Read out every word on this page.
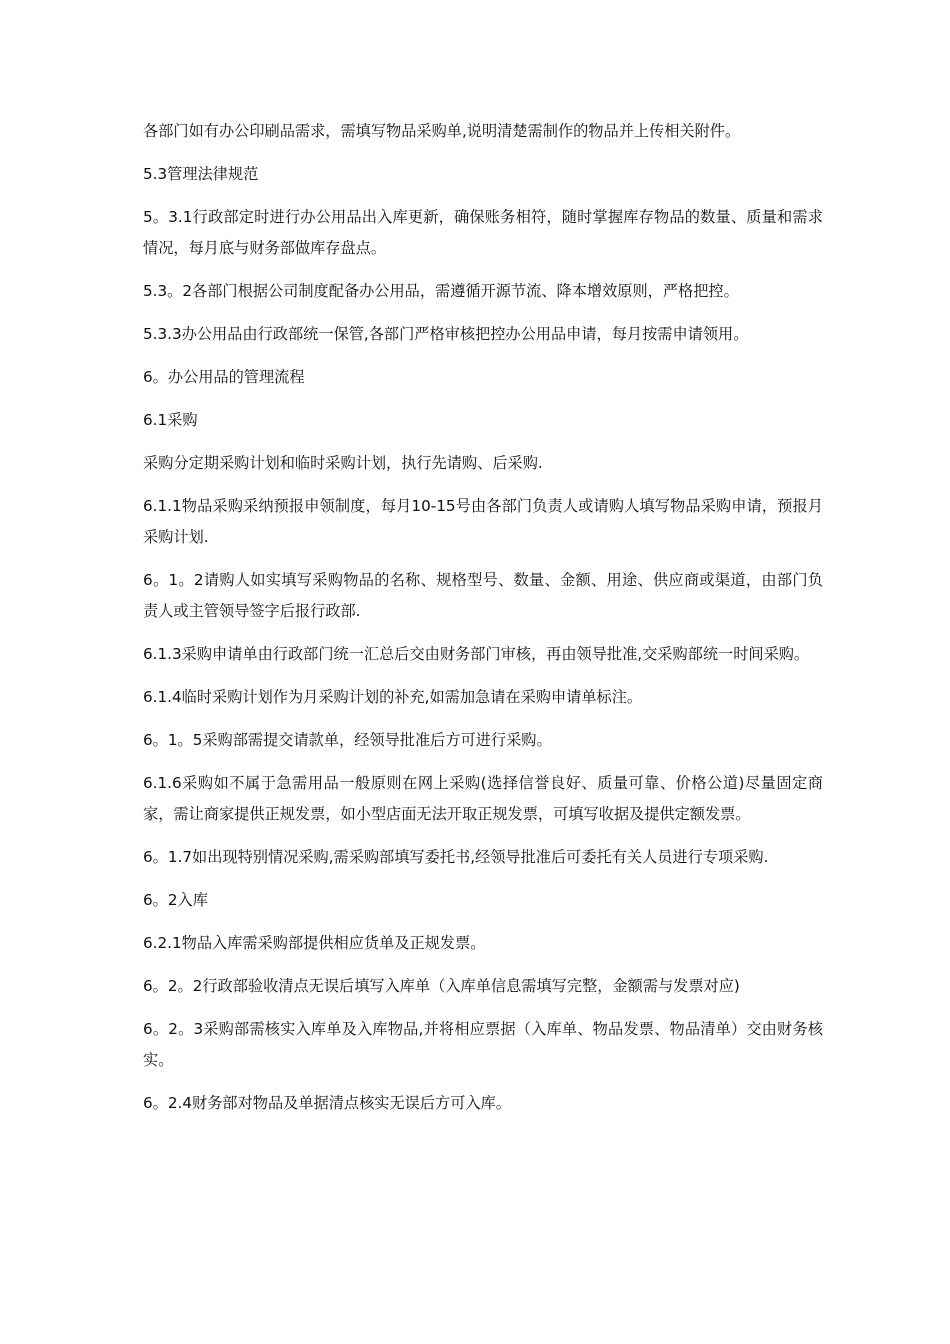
各部门如有办公印刷品需求，需填写物品采购单,说明清楚需制作的物品并上传相关附件。

5.3管理法律规范

5。3.1行政部定时进行办公用品出入库更新，确保账务相符，随时掌握库存物品的数量、质量和需求情况，每月底与财务部做库存盘点。

5.3。2各部门根据公司制度配备办公用品，需遵循开源节流、降本增效原则，严格把控。

5.3.3办公用品由行政部统一保管,各部门严格审核把控办公用品申请，每月按需申请领用。

6。办公用品的管理流程

6.1采购

采购分定期采购计划和临时采购计划，执行先请购、后采购.

6.1.1物品采购采纳预报申领制度，每月10-15号由各部门负责人或请购人填写物品采购申请，预报月采购计划.

6。1。2请购人如实填写采购物品的名称、规格型号、数量、金额、用途、供应商或渠道，由部门负责人或主管领导签字后报行政部.

6.1.3采购申请单由行政部门统一汇总后交由财务部门审核，再由领导批准,交采购部统一时间采购。

6.1.4临时采购计划作为月采购计划的补充,如需加急请在采购申请单标注。

6。1。5采购部需提交请款单，经领导批准后方可进行采购。

6.1.6采购如不属于急需用品一般原则在网上采购(选择信誉良好、质量可靠、价格公道)尽量固定商家，需让商家提供正规发票，如小型店面无法开取正规发票，可填写收据及提供定额发票。

6。1.7如出现特别情况采购,需采购部填写委托书,经领导批准后可委托有关人员进行专项采购.

6。2入库

6.2.1物品入库需采购部提供相应货单及正规发票。

6。2。2行政部验收清点无误后填写入库单（入库单信息需填写完整，金额需与发票对应)

6。2。3采购部需核实入库单及入库物品,并将相应票据（入库单、物品发票、物品清单）交由财务核实。

6。2.4财务部对物品及单据清点核实无误后方可入库。
